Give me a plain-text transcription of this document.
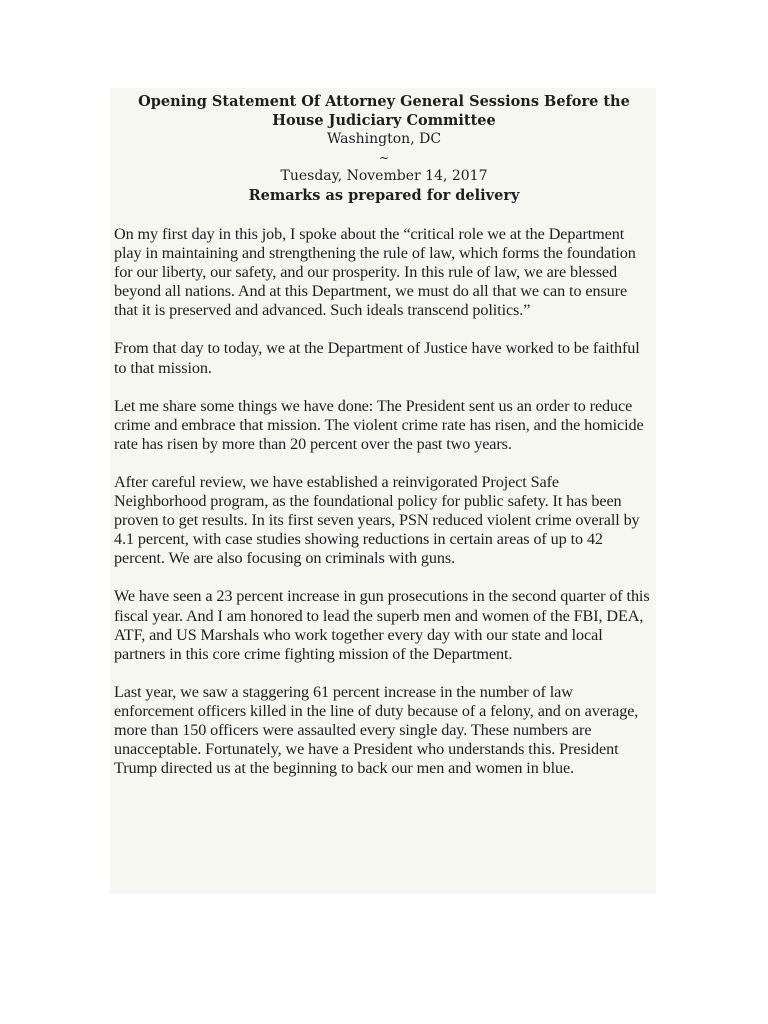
Opening Statement Of Attorney General Sessions Before the House Judiciary Committee

Washington, DC

~

Tuesday, November 14, 2017

Remarks as prepared for delivery

On my first day in this job, I spoke about the “critical role we at the Department play in maintaining and strengthening the rule of law, which forms the foundation for our liberty, our safety, and our prosperity. In this rule of law, we are blessed beyond all nations. And at this Department, we must do all that we can to ensure that it is preserved and advanced. Such ideals transcend politics.”

From that day to today, we at the Department of Justice have worked to be faithful to that mission.

Let me share some things we have done: The President sent us an order to reduce crime and embrace that mission. The violent crime rate has risen, and the homicide rate has risen by more than 20 percent over the past two years.

After careful review, we have established a reinvigorated Project Safe Neighborhood program, as the foundational policy for public safety. It has been proven to get results. In its first seven years, PSN reduced violent crime overall by 4.1 percent, with case studies showing reductions in certain areas of up to 42 percent. We are also focusing on criminals with guns.

We have seen a 23 percent increase in gun prosecutions in the second quarter of this fiscal year. And I am honored to lead the superb men and women of the FBI, DEA, ATF, and US Marshals who work together every day with our state and local partners in this core crime fighting mission of the Department.

Last year, we saw a staggering 61 percent increase in the number of law enforcement officers killed in the line of duty because of a felony, and on average, more than 150 officers were assaulted every single day. These numbers are unacceptable. Fortunately, we have a President who understands this. President Trump directed us at the beginning to back our men and women in blue.
